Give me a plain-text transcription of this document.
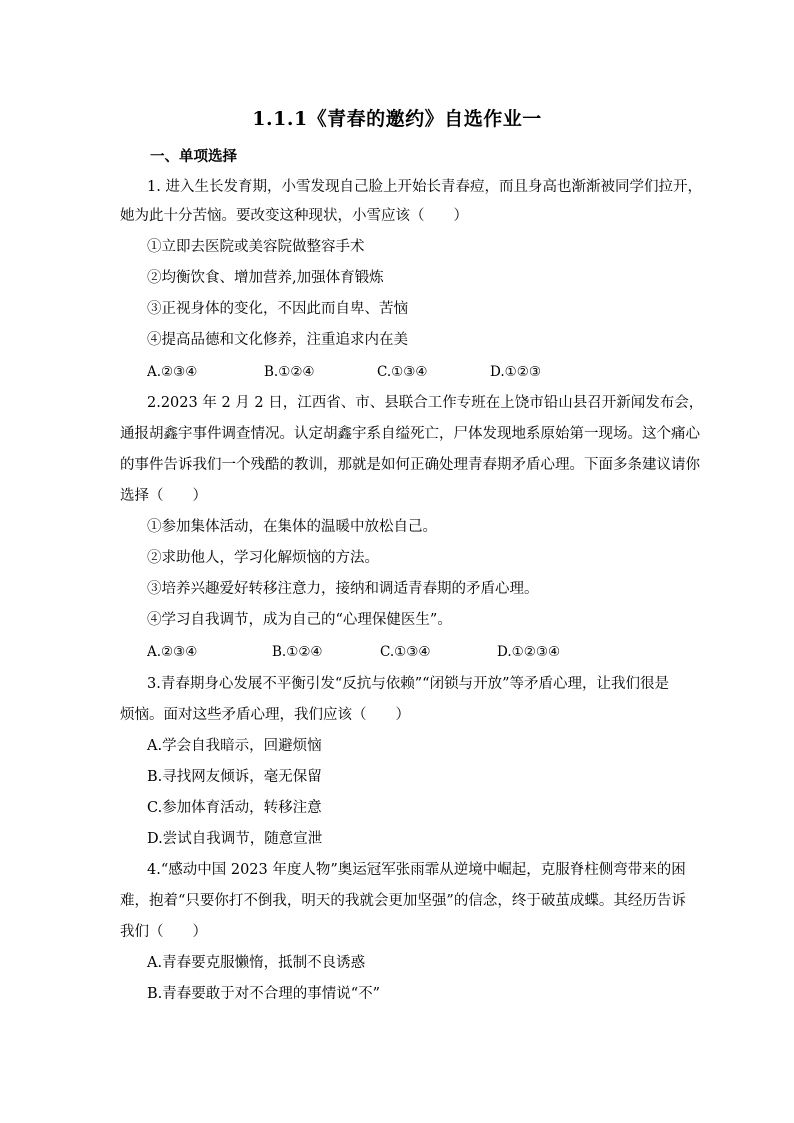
1.1.1《青春的邀约》自选作业一
一、单项选择
1. 进入生长发育期，小雪发现自己脸上开始长青春痘，而且身高也渐渐被同学们拉开，
她为此十分苦恼。要改变这种现状，小雪应该（　　）
①立即去医院或美容院做整容手术
②均衡饮食、增加营养,加强体育锻炼
③正视身体的变化，不因此而自卑、苦恼
④提高品德和文化修养，注重追求内在美
A.②③④	B.①②④	C.①③④	D.①②③
2.2023 年 2 月 2 日，江西省、市、县联合工作专班在上饶市铅山县召开新闻发布会，
通报胡鑫宇事件调查情况。认定胡鑫宇系自缢死亡，尸体发现地系原始第一现场。这个痛心
的事件告诉我们一个残酷的教训，那就是如何正确处理青春期矛盾心理。下面多条建议请你
选择（　　）
①参加集体活动，在集体的温暖中放松自己。
②求助他人，学习化解烦恼的方法。
③培养兴趣爱好转移注意力，接纳和调适青春期的矛盾心理。
④学习自我调节，成为自己的“心理保健医生”。
A.②③④	B.①②④	C.①③④	D.①②③④
3.青春期身心发展不平衡引发“反抗与依赖”“闭锁与开放”等矛盾心理，让我们很是
烦恼。面对这些矛盾心理，我们应该（　　）
A.学会自我暗示，回避烦恼
B.寻找网友倾诉，毫无保留
C.参加体育活动，转移注意
D.尝试自我调节，随意宣泄
4.“感动中国 2023 年度人物”奥运冠军张雨霏从逆境中崛起，克服脊柱侧弯带来的困
难，抱着“只要你打不倒我，明天的我就会更加坚强”的信念，终于破茧成蝶。其经历告诉
我们（　　）
A.青春要克服懒惰，抵制不良诱惑
B.青春要敢于对不合理的事情说“不”
